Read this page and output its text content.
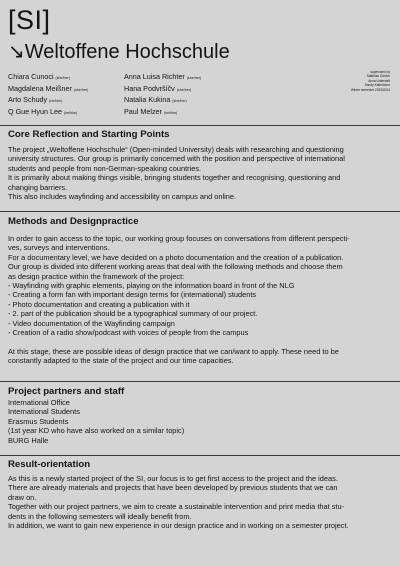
[SI]
↘Weltoffene Hochschule
Chiara Cunoci (she/her)
Magdalena Meißner (she/her)
Arto Schudy (he/him)
Q Gue Hyun Lee (he/him)
Anna Luisa Richter (she/her)
Hana Podvršíčv (she/her)
Natalia Kukina (she/her)
Paul Melzer (he/him)
supervised by
Matthias Görlich
Anna Unterstell
Sandy Kaltenborn
Winter semester 2023/2024
Core Reflection and Starting Points

The project „Weltoffene Hochschule“ (Open-minded University) deals with researching and questioning

university structures. Our group is primarily concerned with the position and perspective of international

students and people from non-German-speaking countries.

It is primarily about making things visible, bringing students together and recognising, questioning and

changing barriers.

This also includes wayfinding and accessibility on campus and online.

Methods and Designpractice

In order to gain access to the topic, our working group focuses on conversations from different perspecti-

ves, surveys and interventions.

For a documentary level, we have decided on a photo documentation and the creation of a publication.

Our group is divided into different working areas that deal with the following methods and choose them

as design practice within the framework of the project:

- Wayfinding with graphic elements, playing on the information board in front of the NLG

- Creating a form fan with important design terms for (international) students

- Photo documentation and creating a publication with it

- 2. part of the publication should be a typographical summary of our project.

- Video documentation of the Wayfinding campaign

- Creation of a radio show/podcast with voices of people from the campus

At this stage, these are possible ideas of design practice that we can/want to apply. These need to be

constantly adapted to the state of the project and our time capacities.

Project partners and staff

International Office

International Students

Erasmus Students

(1st year KD who have also worked on a similar topic)

BURG Halle

Result-orientation

As this is a newly started project of the SI, our focus is to get first access to the project and the ideas.

There are already materials and projects that have been developed by previous students that we can

draw on.

Together with our project partners, we aim to create a sustainable intervention and print media that stu-

dents in the following semesters will ideally benefit from.

In addition, we want to gain new experience in our design practice and in working on a semester project.
